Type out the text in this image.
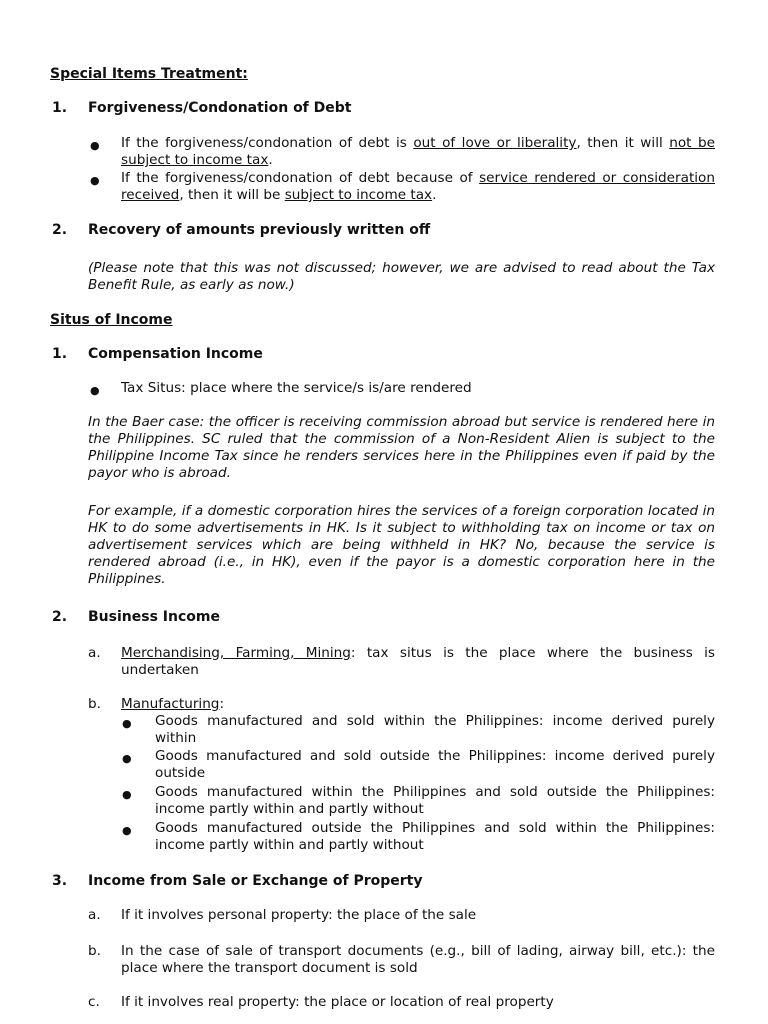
Special Items Treatment:
1. Forgiveness/Condonation of Debt
● If the forgiveness/condonation of debt is out of love or liberality, then it will not be subject to income tax.
● If the forgiveness/condonation of debt because of service rendered or consideration received, then it will be subject to income tax.
2. Recovery of amounts previously written off
(Please note that this was not discussed; however, we are advised to read about the Tax Benefit Rule, as early as now.)
Situs of Income
1. Compensation Income
● Tax Situs: place where the service/s is/are rendered
In the Baer case: the officer is receiving commission abroad but service is rendered here in the Philippines. SC ruled that the commission of a Non-Resident Alien is subject to the Philippine Income Tax since he renders services here in the Philippines even if paid by the payor who is abroad.
For example, if a domestic corporation hires the services of a foreign corporation located in HK to do some advertisements in HK. Is it subject to withholding tax on income or tax on advertisement services which are being withheld in HK? No, because the service is rendered abroad (i.e., in HK), even if the payor is a domestic corporation here in the Philippines.
2. Business Income
a. Merchandising, Farming, Mining: tax situs is the place where the business is undertaken
b. Manufacturing:
● Goods manufactured and sold within the Philippines: income derived purely within
● Goods manufactured and sold outside the Philippines: income derived purely outside
● Goods manufactured within the Philippines and sold outside the Philippines: income partly within and partly without
● Goods manufactured outside the Philippines and sold within the Philippines: income partly within and partly without
3. Income from Sale or Exchange of Property
a. If it involves personal property: the place of the sale
b. In the case of sale of transport documents (e.g., bill of lading, airway bill, etc.): the place where the transport document is sold
c. If it involves real property: the place or location of real property
